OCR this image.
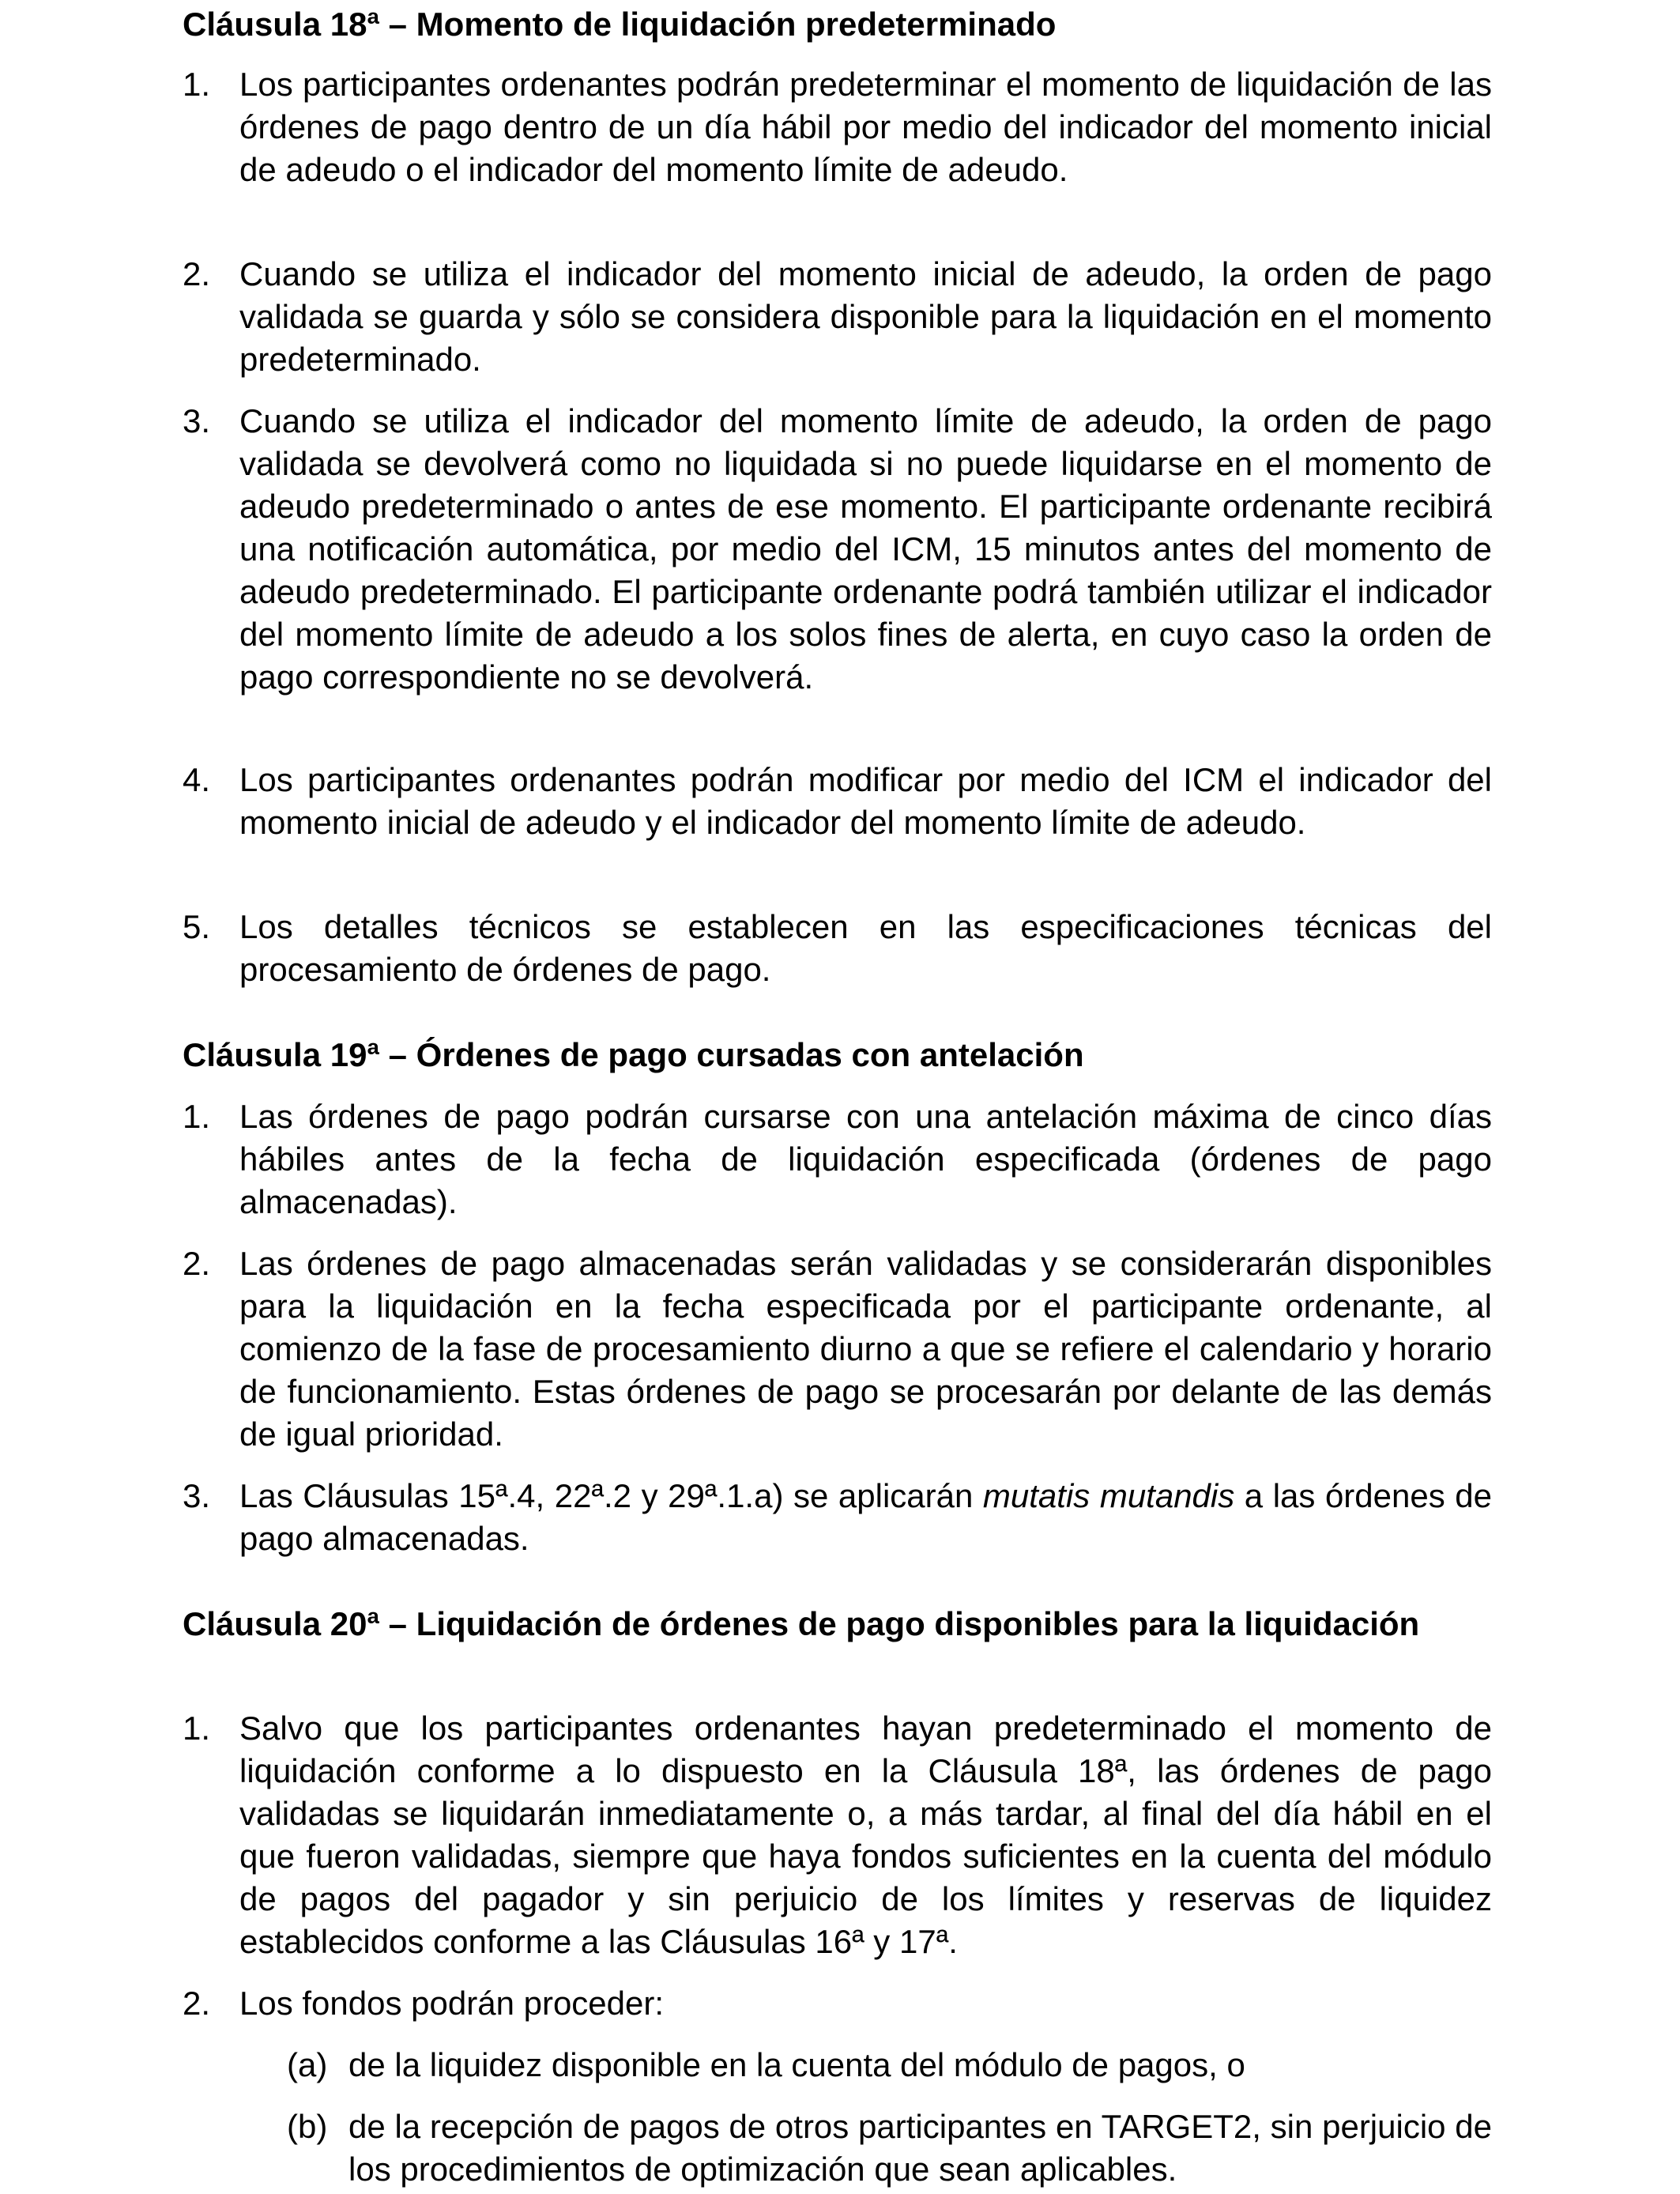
Cláusula 18ª – Momento de liquidación predeterminado
1. Los participantes ordenantes podrán predeterminar el momento de liquidación de las órdenes de pago dentro de un día hábil por medio del indicador del momento inicial de adeudo o el indicador del momento límite de adeudo.
2. Cuando se utiliza el indicador del momento inicial de adeudo, la orden de pago validada se guarda y sólo se considera disponible para la liquidación en el momento predeterminado.
3. Cuando se utiliza el indicador del momento límite de adeudo, la orden de pago validada se devolverá como no liquidada si no puede liquidarse en el momento de adeudo predeterminado o antes de ese momento. El participante ordenante recibirá una notificación automática, por medio del ICM, 15 minutos antes del momento de adeudo predeterminado. El participante ordenante podrá también utilizar el indicador del momento límite de adeudo a los solos fines de alerta, en cuyo caso la orden de pago correspondiente no se devolverá.
4. Los participantes ordenantes podrán modificar por medio del ICM el indicador del momento inicial de adeudo y el indicador del momento límite de adeudo.
5. Los detalles técnicos se establecen en las especificaciones técnicas del procesamiento de órdenes de pago.
Cláusula 19ª – Órdenes de pago cursadas con antelación
1. Las órdenes de pago podrán cursarse con una antelación máxima de cinco días hábiles antes de la fecha de liquidación especificada (órdenes de pago almacenadas).
2. Las órdenes de pago almacenadas serán validadas y se considerarán disponibles para la liquidación en la fecha especificada por el participante ordenante, al comienzo de la fase de procesamiento diurno a que se refiere el calendario y horario de funcionamiento. Estas órdenes de pago se procesarán por delante de las demás de igual prioridad.
3. Las Cláusulas 15ª.4, 22ª.2 y 29ª.1.a) se aplicarán mutatis mutandis a las órdenes de pago almacenadas.
Cláusula 20ª – Liquidación de órdenes de pago disponibles para la liquidación
1. Salvo que los participantes ordenantes hayan predeterminado el momento de liquidación conforme a lo dispuesto en la Cláusula 18ª, las órdenes de pago validadas se liquidarán inmediatamente o, a más tardar, al final del día hábil en el que fueron validadas, siempre que haya fondos suficientes en la cuenta del módulo de pagos del pagador y sin perjuicio de los límites y reservas de liquidez establecidos conforme a las Cláusulas 16ª y 17ª.
2. Los fondos podrán proceder:
(a) de la liquidez disponible en la cuenta del módulo de pagos, o
(b) de la recepción de pagos de otros participantes en TARGET2, sin perjuicio de los procedimientos de optimización que sean aplicables.
